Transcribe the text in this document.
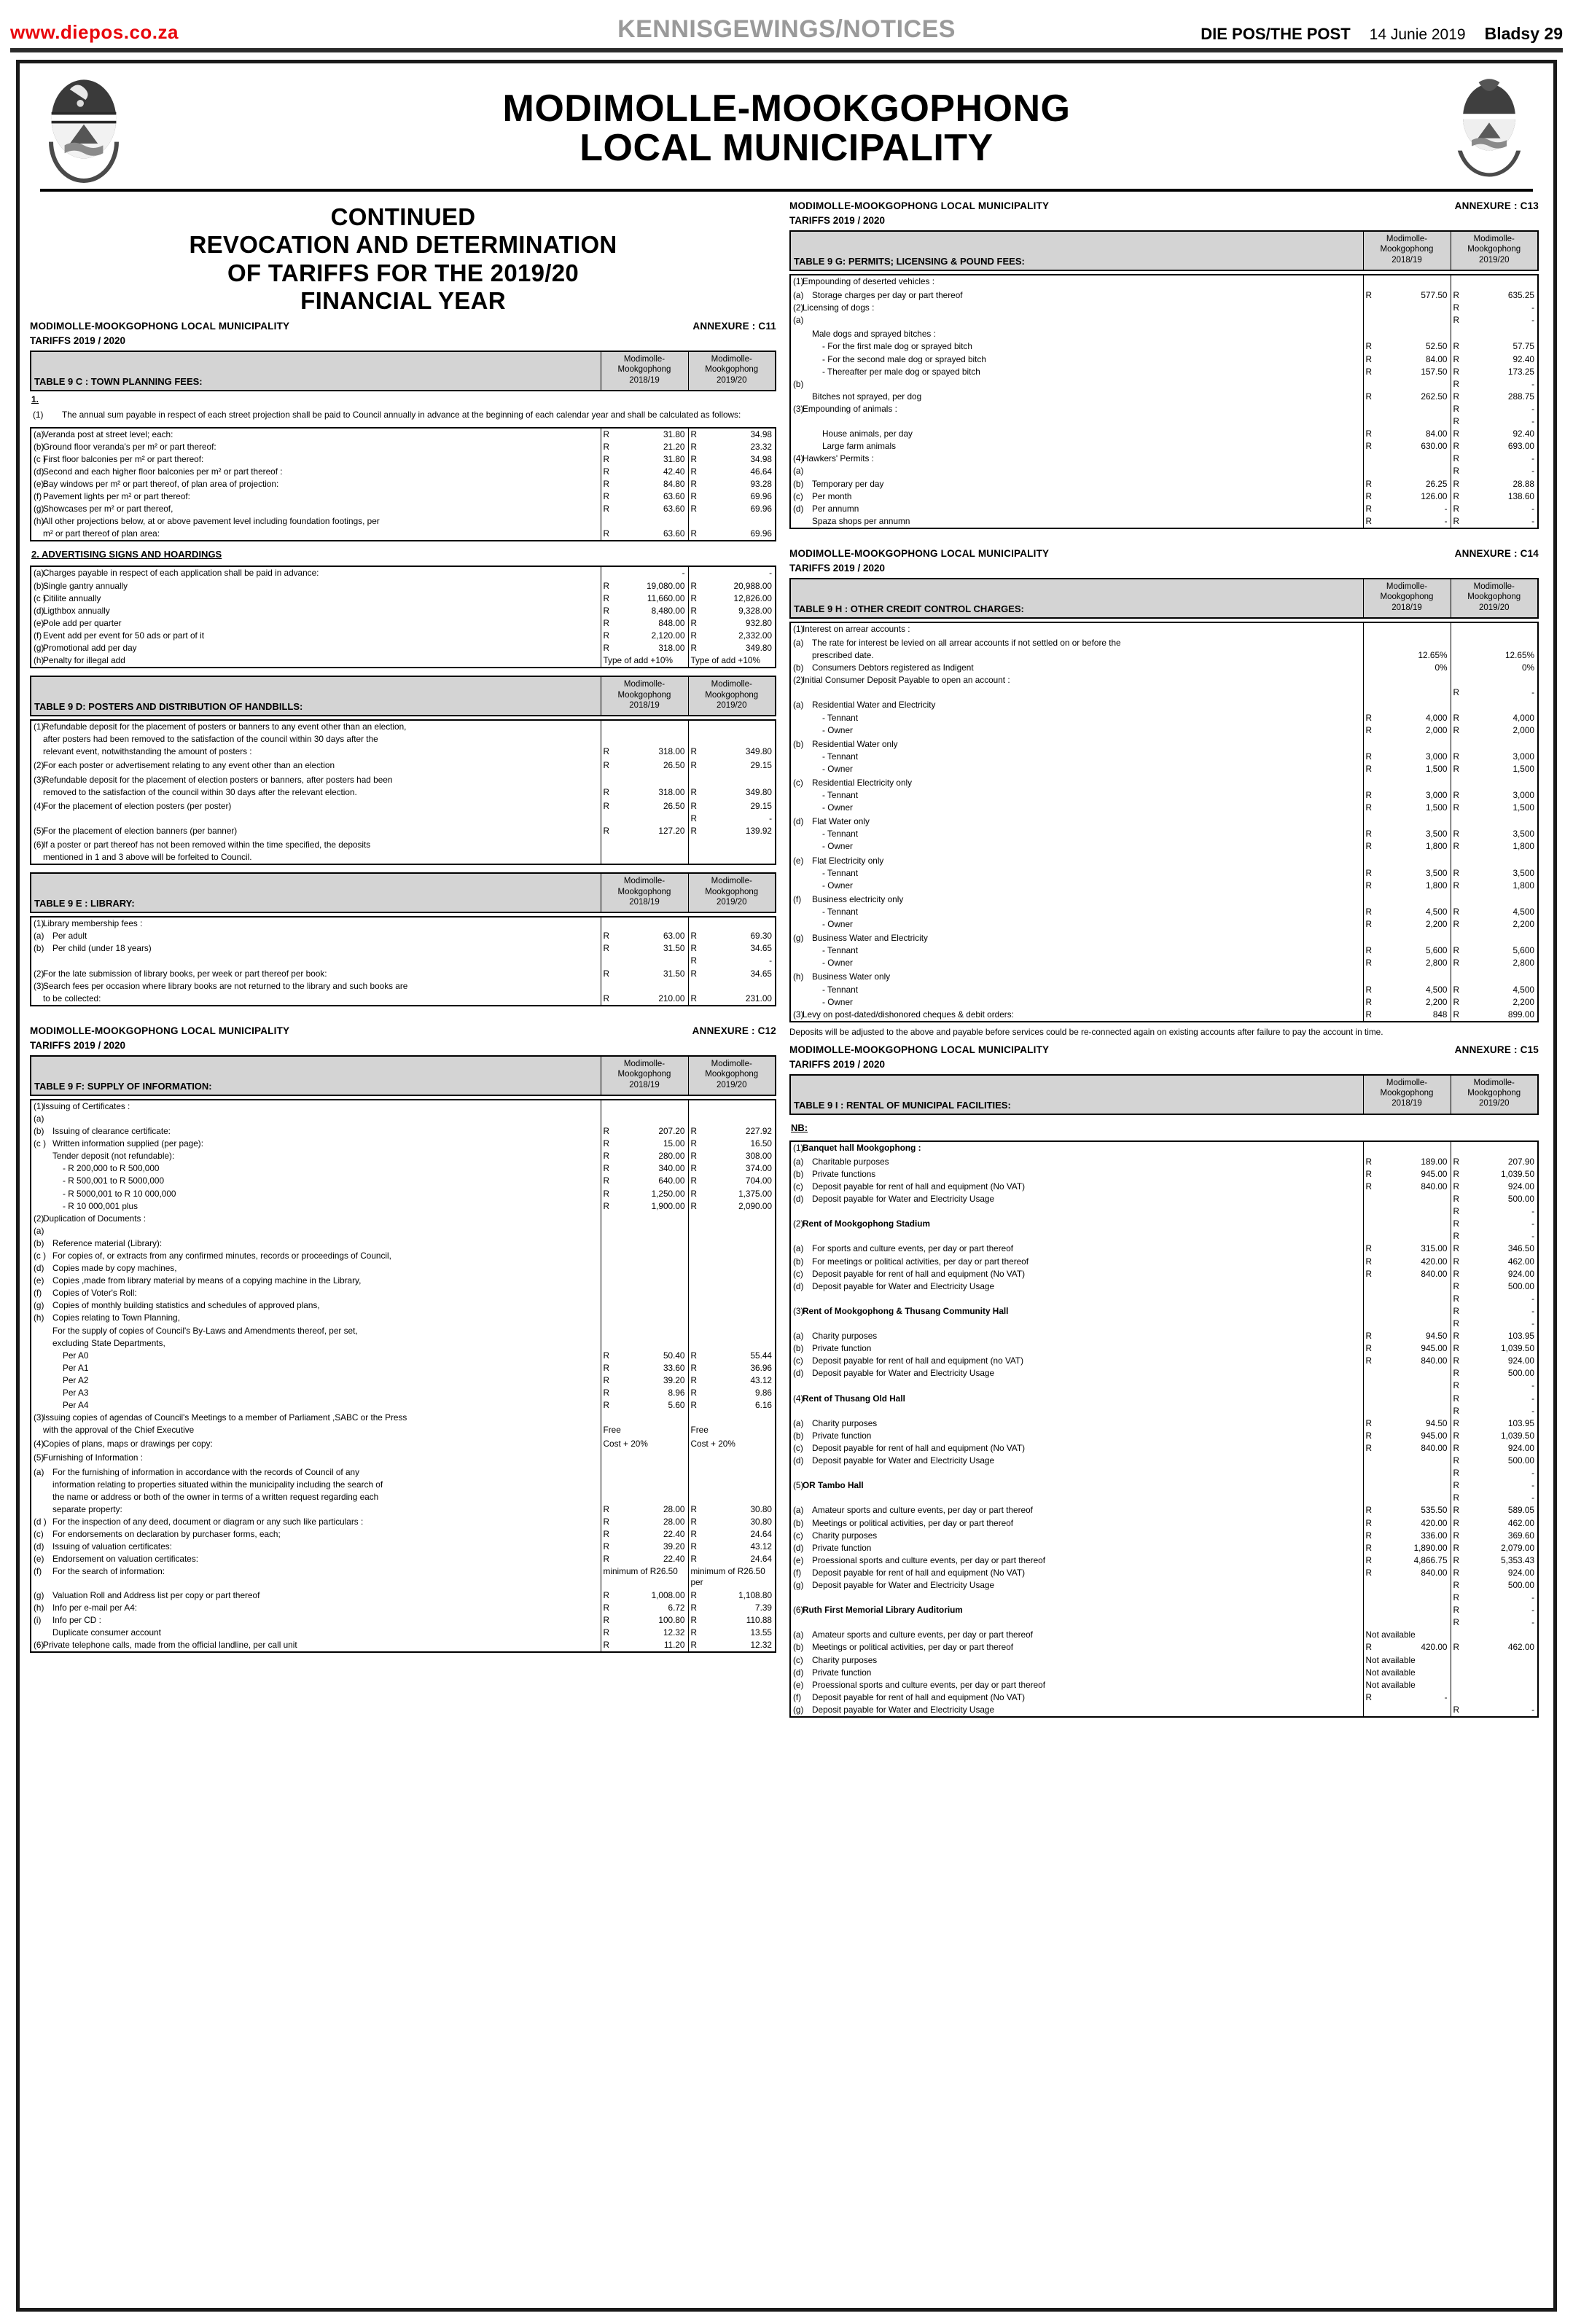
www.diepos.co.za	KENNISGEWINGS/NOTICES	DIE POS/THE POST 14 Junie 2019 Bladsy 29
MODIMOLLE-MOOKGOPHONG
LOCAL MUNICIPALITY
CONTINUED
REVOCATION AND DETERMINATION
OF TARIFFS FOR THE 2019/20
FINANCIAL YEAR
MODIMOLLE-MOOKGOPHONG LOCAL MUNICIPALITY	ANNEXURE : C11
TARIFFS 2019 / 2020
TABLE 9 C : TOWN PLANNING FEES:	
Modimolle-
Mookgophong
2018/19

Modimolle-
Mookgophong
2019/20
1.
(1) The annual sum payable in respect of each street projection shall be paid to Council annually in advance at the beginning of each calendar year and shall be calculated as follows:
(a)	Veranda post at street level; each:	R	31.80	R	34.98
(b)	Ground floor veranda's per m² or part thereof:	R	21.20	R	23.32
(c )	First floor balconies per m² or part thereof:	R	31.80	R	34.98
(d)	Second and each higher floor balconies per m² or part thereof :	R	42.40	R	46.64
(e)	Bay windows per m² or part thereof, of plan area of projection:	R	84.80	R	93.28
(f)	Pavement lights per m² or part thereof:	R	63.60	R	69.96
(g)	Showcases per m² or part thereof,	R	63.60	R	69.96
(h)	All other projections below, at or above pavement level including foundation footings, per				
	m² or part thereof of plan area:	R	63.60	R	69.96
2. ADVERTISING SIGNS AND HOARDINGS
(a)	Charges payable in respect of each application shall be paid in advance:		-		-
(b)	Single gantry annually	R	19,080.00	R	20,988.00
(c )	Citilite annually	R	11,660.00	R	12,826.00
(d)	Ligthbox annually	R	8,480.00	R	9,328.00
(e)	Pole add per quarter	R	848.00	R	932.80
(f)	Event add per event for 50 ads or part of it	R	2,120.00	R	2,332.00
(g)	Promotional add per day	R	318.00	R	349.80
(h)	Penalty for illegal add	Type of add +10%		Type of add +10%	
TABLE 9 D: POSTERS AND DISTRIBUTION OF HANDBILLS:	
Modimolle-
Mookgophong
2018/19

Modimolle-
Mookgophong
2019/20
(1)	Refundable deposit for the placement of posters or banners to any event other than an election,				
	after posters had been removed to the satisfaction of the council within 30 days after the				
	relevant event, notwithstanding the amount of posters :	R	318.00	R	349.80

(2)	For each poster or advertisement relating to any event other than an election	R	26.50	R	29.15

(3)	Refundable deposit for the placement of election posters or banners, after posters had been				
	removed to the satisfaction of the council within 30 days after the relevant election.	R	318.00	R	349.80

(4)	For the placement of election posters (per poster)	R	26.50	R	29.15
				R	-
(5)	For the placement of election banners (per banner)	R	127.20	R	139.92

(6)	If a poster or part thereof has not been removed within the time specified, the deposits				
	mentioned in 1 and 3 above will be forfeited to Council.				
TABLE 9 E : LIBRARY:	
Modimolle-
Mookgophong
2018/19

Modimolle-
Mookgophong
2019/20
(1)	Library membership fees :				
(a)	Per adult	R	63.00	R	69.30
(b)	Per child (under 18 years)	R	31.50	R	34.65
				R	-
(2)	For the late submission of library books, per week or part thereof per book:	R	31.50	R	34.65
(3)	Search fees per occasion where library books are not returned to the library and such books are				
	to be collected:	R	210.00	R	231.00
MODIMOLLE-MOOKGOPHONG LOCAL MUNICIPALITY	ANNEXURE : C12
TARIFFS 2019 / 2020
TABLE 9 F: SUPPLY OF INFORMATION:	
Modimolle-
Mookgophong
2018/19

Modimolle-
Mookgophong
2019/20
(1)	Issuing of Certificates :				
(a)					
(b)	Issuing of clearance certificate:	R	207.20	R	227.92
(c )	Written information supplied (per page):	R	15.00	R	16.50
	Tender deposit (not refundable):	R	280.00	R	308.00
	- R 200,000 to R 500,000	R	340.00	R	374.00
	- R 500,001 to R 5000,000	R	640.00	R	704.00
	- R 5000,001 to R 10 000,000	R	1,250.00	R	1,375.00
	- R 10 000,001 plus	R	1,900.00	R	2,090.00
(2)	Duplication of Documents :				
(a)					
(b)	Reference material (Library):				
(c )	For copies of, or extracts from any confirmed minutes, records or proceedings of Council,				
(d)	Copies made by copy machines,				
(e)	Copies ,made from library material by means of a copying machine in the Library,				
(f)	Copies of Voter's Roll:				
(g)	Copies of monthly building statistics and schedules of approved plans,				
(h)	Copies relating to Town Planning,				
	For the supply of copies of Council's By-Laws and Amendments thereof, per set,				
	excluding State Departments,				
	Per A0	R	50.40	R	55.44
	Per A1	R	33.60	R	36.96
	Per A2	R	39.20	R	43.12
	Per A3	R	8.96	R	9.86
	Per A4	R	5.60	R	6.16
(3)	Issuing copies of agendas of Council's Meetings to a member of Parliament ,SABC or the Press				
	with the approval of the Chief Executive	Free		Free	

(4)	Copies of plans, maps or drawings per copy:	Cost + 20%		Cost + 20%	

(5)	Furnishing of Information :				

(a)	For the furnishing of information in accordance with the records of Council of any				
	information relating to properties situated within the municipality including the search of				
	the name or address or both of the owner in terms of a written request regarding each				
	separate property:	R	28.00	R	30.80
(d )	For the inspection of any deed, document or diagram or any such like particulars :	R	28.00	R	30.80
(c)	For endorsements on declaration by purchaser forms, each;	R	22.40	R	24.64
(d)	Issuing of valuation certificates:	R	39.20	R	43.12
(e)	Endorsement on valuation certificates:	R	22.40	R	24.64
(f)	For the search of information:	minimum of R26.50		minimum of R26.50 per	
(g)	Valuation Roll and Address list per copy or part thereof	R	1,008.00	R	1,108.80
(h)	Info per e-mail per A4:	R	6.72	R	7.39
(i)	Info per CD :	R	100.80	R	110.88
	Duplicate consumer account	R	12.32	R	13.55
(6)	Private telephone calls, made from the official landline, per call unit	R	11.20	R	12.32
MODIMOLLE-MOOKGOPHONG LOCAL MUNICIPALITY	ANNEXURE : C13
TARIFFS 2019 / 2020
TABLE 9 G: PERMITS; LICENSING & POUND FEES:	
Modimolle-
Mookgophong
2018/19

Modimolle-
Mookgophong
2019/20
(1)	Empounding of deserted vehicles :				

(a)	Storage charges per day or part thereof	R	577.50	R	635.25
(2)	Licensing of dogs :			R	-
(a)				R	-

	Male dogs and sprayed bitches :				
	- For the first male dog or sprayed bitch	R	52.50	R	57.75
	- For the second male dog or sprayed bitch	R	84.00	R	92.40
	- Thereafter per male dog or spayed bitch	R	157.50	R	173.25
(b)				R	-
	Bitches not sprayed, per dog	R	262.50	R	288.75
(3)	Empounding of animals :			R	-
				R	-
	House animals, per day	R	84.00	R	92.40
	Large farm animals	R	630.00	R	693.00
(4)	Hawkers' Permits :			R	-
(a)				R	-
(b)	Temporary per day	R	26.25	R	28.88
(c)	Per month	R	126.00	R	138.60
(d)	Per annumn	R	-	R	-
	Spaza shops per annumn	R	-	R	-
MODIMOLLE-MOOKGOPHONG LOCAL MUNICIPALITY	ANNEXURE : C14
TARIFFS 2019 / 2020
TABLE 9 H : OTHER CREDIT CONTROL CHARGES:	
Modimolle-
Mookgophong
2018/19

Modimolle-
Mookgophong
2019/20
(1)	Interest on arrear accounts :				

(a)	The rate for interest be levied on all arrear accounts if not settled on or before the				
	prescribed date.		12.65%		12.65%
(b)	Consumers Debtors registered as Indigent		0%		0%
(2)	Initial Consumer Deposit Payable to open an account :				
				R	-
(a)	Residential Water and Electricity				
	- Tennant	R	4,000	R	4,000
	- Owner	R	2,000	R	2,000

(b)	Residential Water only				
	- Tennant	R	3,000	R	3,000
	- Owner	R	1,500	R	1,500

(c)	Residential Electricity only				
	- Tennant	R	3,000	R	3,000
	- Owner	R	1,500	R	1,500

(d)	Flat Water only				
	- Tennant	R	3,500	R	3,500
	- Owner	R	1,800	R	1,800

(e)	Flat Electricity only				
	- Tennant	R	3,500	R	3,500
	- Owner	R	1,800	R	1,800

(f)	Business electricity only				
	- Tennant	R	4,500	R	4,500
	- Owner	R	2,200	R	2,200

(g)	Business Water and Electricity				
	- Tennant	R	5,600	R	5,600
	- Owner	R	2,800	R	2,800

(h)	Business Water only				
	- Tennant	R	4,500	R	4,500
	- Owner	R	2,200	R	2,200
(3)	Levy on post-dated/dishonored cheques & debit orders:	R	848	R	899.00
Deposits will be adjusted to the above and payable before services could be re-connected again on existing accounts after failure to pay the account in time.
MODIMOLLE-MOOKGOPHONG LOCAL MUNICIPALITY	ANNEXURE : C15
TARIFFS 2019 / 2020
TABLE 9 I : RENTAL OF MUNICIPAL FACILITIES:	
Modimolle-
Mookgophong
2018/19

Modimolle-
Mookgophong
2019/20
NB:
(1)	Banquet hall Mookgophong :				

(a)	Charitable purposes	R	189.00	R	207.90
(b)	Private functions	R	945.00	R	1,039.50
(c)	Deposit payable for rent of hall and equipment (No VAT)	R	840.00	R	924.00
(d)	Deposit payable for Water and Electricity Usage			R	500.00
				R	-
(2)	Rent of Mookgophong Stadium			R	-
				R	-
(a)	For sports and culture events, per day or part thereof	R	315.00	R	346.50
(b)	For meetings or political activities, per day or part thereof	R	420.00	R	462.00
(c)	Deposit payable for rent of hall and equipment (No VAT)	R	840.00	R	924.00
(d)	Deposit payable for Water and Electricity Usage			R	500.00
				R	-
(3)	Rent of Mookgophong & Thusang Community Hall			R	-
				R	-
(a)	Charity purposes	R	94.50	R	103.95
(b)	Private function	R	945.00	R	1,039.50
(c)	Deposit payable for rent of hall and equipment (no VAT)	R	840.00	R	924.00
(d)	Deposit payable for Water and Electricity Usage			R	500.00
				R	-
(4)	Rent of Thusang Old Hall			R	-
				R	-
(a)	Charity purposes	R	94.50	R	103.95
(b)	Private function	R	945.00	R	1,039.50
(c)	Deposit payable for rent of hall and equipment (No VAT)	R	840.00	R	924.00
(d)	Deposit payable for Water and Electricity Usage			R	500.00
				R	-
(5)	OR Tambo Hall			R	-
				R	-
(a)	Amateur sports and culture events, per day or part thereof	R	535.50	R	589.05
(b)	Meetings or political activities, per day or part thereof	R	420.00	R	462.00
(c)	Charity purposes	R	336.00	R	369.60
(d)	Private function	R	1,890.00	R	2,079.00
(e)	Proessional sports and culture events, per day or part thereof	R	4,866.75	R	5,353.43
(f)	Deposit payable for rent of hall and equipment (No VAT)	R	840.00	R	924.00
(g)	Deposit payable for Water and Electricity Usage			R	500.00
				R	-
(6)	Ruth First Memorial Library Auditorium			R	-
				R	-
(a)	Amateur sports and culture events, per day or part thereof	Not available			
(b)	Meetings or political activities, per day or part thereof	R	420.00	R	462.00
(c)	Charity purposes	Not available			
(d)	Private function	Not available			
(e)	Proessional sports and culture events, per day or part thereof	Not available			
(f)	Deposit payable for rent of hall and equipment (No VAT)	R	-		
(g)	Deposit payable for Water and Electricity Usage			R	-
